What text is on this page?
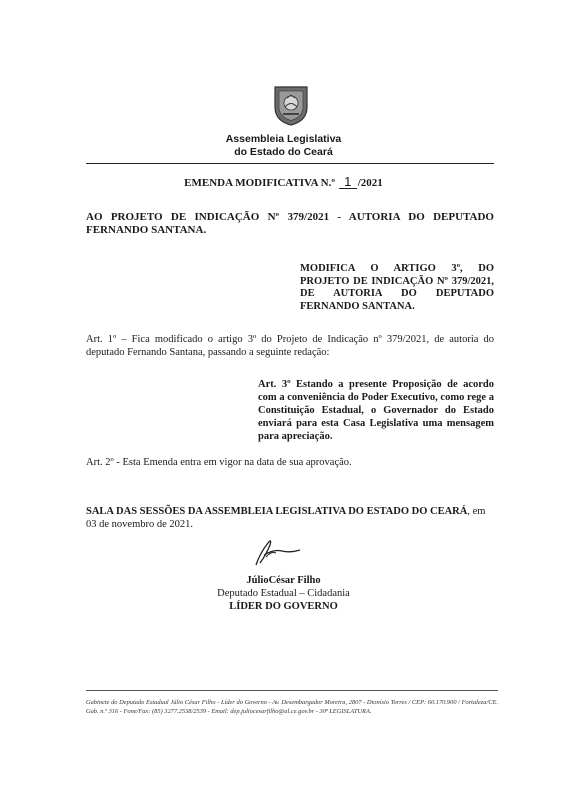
Assembleia Legislativa
do Estado do Ceará
EMENDA MODIFICATIVA N.º 1 /2021
AO PROJETO DE INDICAÇÃO Nº 379/2021 - AUTORIA DO DEPUTADO FERNANDO SANTANA.
MODIFICA O ARTIGO 3º, DO PROJETO DE INDICAÇÃO Nº 379/2021, DE AUTORIA DO DEPUTADO FERNANDO SANTANA.
Art. 1º – Fica modificado o artigo 3º do Projeto de Indicação nº 379/2021, de autoria do deputado Fernando Santana, passando a seguinte redação:
Art. 3º Estando a presente Proposição de acordo com a conveniência do Poder Executivo, como rege a Constituição Estadual, o Governador do Estado enviará para esta Casa Legislativa uma mensagem para apreciação.
Art. 2º - Esta Emenda entra em vigor na data de sua aprovação.
SALA DAS SESSÕES DA ASSEMBLEIA LEGISLATIVA DO ESTADO DO CEARÁ, em 03 de novembro de 2021.
JúlioCésar Filho
Deputado Estadual – Cidadania
LÍDER DO GOVERNO
Gabinete do Deputado Estadual Júlio César Filho - Líder do Governo - Av. Desembargador Moreira, 2807 - Dionísio Torres / CEP: 60.170.900 / Fortaleza/CE. Gab. n.º 316 - Fone/Fax: (85) 3277.2538/2539 - Email: dep.juliocesarfilho@al.ce.gov.br - 30ª LEGISLATURA.
